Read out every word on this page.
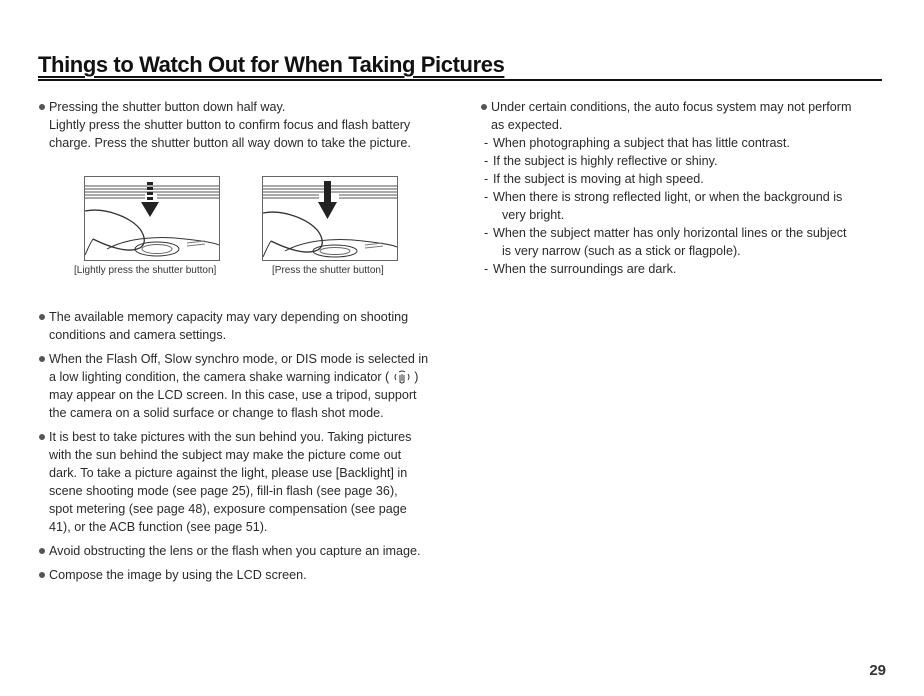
Things to Watch Out for When Taking Pictures
Pressing the shutter button down half way.
Lightly press the shutter button to confirm focus and flash battery
charge. Press the shutter button all way down to take the picture.
[Lightly press the shutter button]	[Press the shutter button]
The available memory capacity may vary depending on shooting
conditions and camera settings.
When the Flash Off, Slow synchro mode, or DIS mode is selected in
a low lighting condition, the camera shake warning indicator ( )
may appear on the LCD screen. In this case, use a tripod, support
the camera on a solid surface or change to flash shot mode.
It is best to take pictures with the sun behind you. Taking pictures
with the sun behind the subject may make the picture come out
dark. To take a picture against the light, please use [Backlight] in
scene shooting mode (see page 25), fill-in flash (see page 36),
spot metering (see page 48), exposure compensation (see page
41), or the ACB function (see page 51).
Avoid obstructing the lens or the flash when you capture an image.
Compose the image by using the LCD screen.
Under certain conditions, the auto focus system may not perform
as expected.
- When photographing a subject that has little contrast.
- If the subject is highly reflective or shiny.
- If the subject is moving at high speed.
- When there is strong reflected light, or when the background is
very bright.
- When the subject matter has only horizontal lines or the subject
is very narrow (such as a stick or flagpole).
- When the surroundings are dark.
29
